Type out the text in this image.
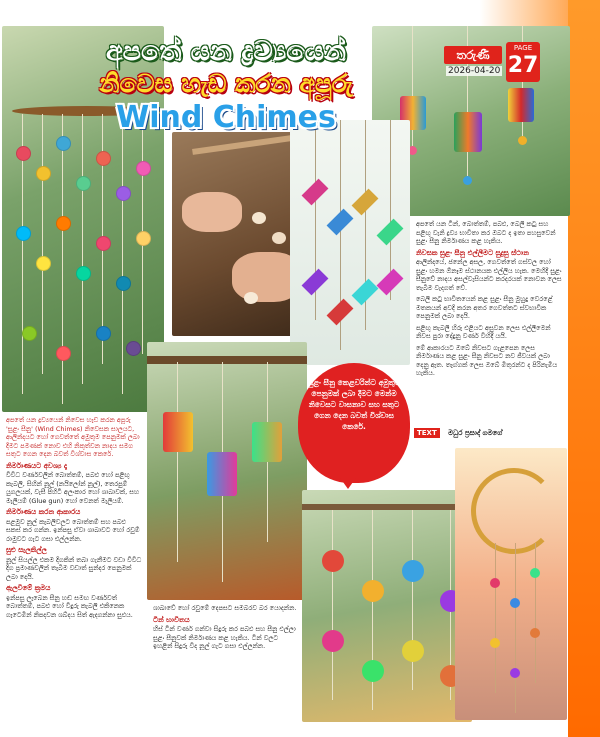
අපතේ යන ද්‍රව්‍යයෙන්
නිවෙස හැඩ කරන අපූරු
Wind Chimes
තරුණී
2026-04-20
PAGE
27

අපතේ යන ද්‍රව්‍යයෙන් නිවෙස හැඩ කරන අපූරු 'සුළං සීනු' (Wind Chimes) නිවෙසක සාලයට, ආලින්දයට හෝ ගෙවත්තේ අමුතුම පෙනුමක් ලබා දීමට පමණක් නොව එහි නිකුත්වන නාදය සමග සතුට ගෙන දෙන බවත් විශ්වාස කෙරේ.

නිර්මාණයට අවශ්‍ය දෑ

විවිධ වර්ණවලින් බොත්තම්, පබළු හෝ පළිඟු කැබලි, සිහින් නූල් (නයිලෝන් නූල්), තෙරපුම් යුගලයක්, වැසී පිහිටි අලංකාර හෝ ශාඛාවක්, සහ මැලියම් (Glue gun) හෝ වෙනත් මැලියම්.

නිර්මාණය කරන ආකාරය

පළමුව නූල් කැබලිවලට බොත්තම් සහ පබළු සකස් කර ගන්න. ඉන්පසු ඒවා ශාඛාවට හෝ රවුම් රාමුවට ගැට ගසා එල්ලන්න.

සුළු සැලකිල්ල

නූල් සියල්ල එකම දිගකින් තබා ගැනීමට වඩා විවිධ දිග ප්‍රමාණවලින් තැබීම වඩාත් සුන්දර පෙනුමක් ලබා දෙයි.

ඇලවීමේ ක්‍රමය

ඉන්පසු ලැබෙන සීනු හඬ සමඟ වර්ණවත් බොත්තම්, පබළු හෝ වීදුරු කැබලි එකිනෙක ගැටෙමින් නිපදවන ශබ්දය සිත් ඇදගන්නා සුළුය.

ශාඛාවේ හෝ රවුමේ දෙපසට සමබරව බර යොදන්න.

ටින් භාවිතය

හිස් ටින් වර්ණ ගන්වා සිදුරු කර පබළු සහ සීනු එල්ලා සුළං සීනුවක් නිර්මාණය කළ හැකිය. ටින් වලට ඉහළින් සිදුරු විද නූල් ගැට ගසා එල්ලන්න.

අපතේ යන ටින්, බොත්තම්, පබළු, බෙලි කටු සහ පළිඟු වැනි ද්‍රව්‍ය භාවිතා කර ඔබට ද ඉතා පහසුවෙන් සුළං සීනු නිර්මාණය කළ හැකිය.

නිවසක සුළං සීනු එල්ලීමට සුදුසු ස්ථාන

ආලින්දයේ, ජනේල අසල, ගෙවත්තේ ගස්වල හෝ සුළං හමන ඕනෑම ස්ථානයක එල්ලිය හැක. මෙහිදී සුළං සීනුවේ නාදය අසල්වැසියන්ට කරදරයක් නොවන ලෙස තැබීම වැදගත් වේ.

බෙලි කටු භාවිතයෙන් කළ සුළං සීනු මුහුදු වෙරළේ මතකයන් අවදි කරන අතර ගෙවත්තට ස්වභාවික පෙනුමක් ලබා දෙයි.

පළිඟු කැබලි හිරු එළියට අසුවන ලෙස එල්ලීමෙන් නිවස පුරා දේදුනු වර්ණ විහිදී යයි.

මේ ආකාරයට ඔබේ නිවසට ගැළපෙන ලෙස නිර්මාණය කළ සුළං සීනු නිවසට නව ජීවයක් ලබා දෙනු ඇත. තෑග්ගක් ලෙස ඔබේ මිතුරන්ට ද පිරිනැමිය හැකිය.

TEXT	මධුර ප්‍රසාද් ගමගේ
සුළං සීනු කෙළවරින්ට අමුතුම පෙනුමක් ලබා දීමට මෙන්ම නිවෙසට වාසනාව සහ සතුට ගෙන දෙන බවත් විශ්වාස කෙරේ.
